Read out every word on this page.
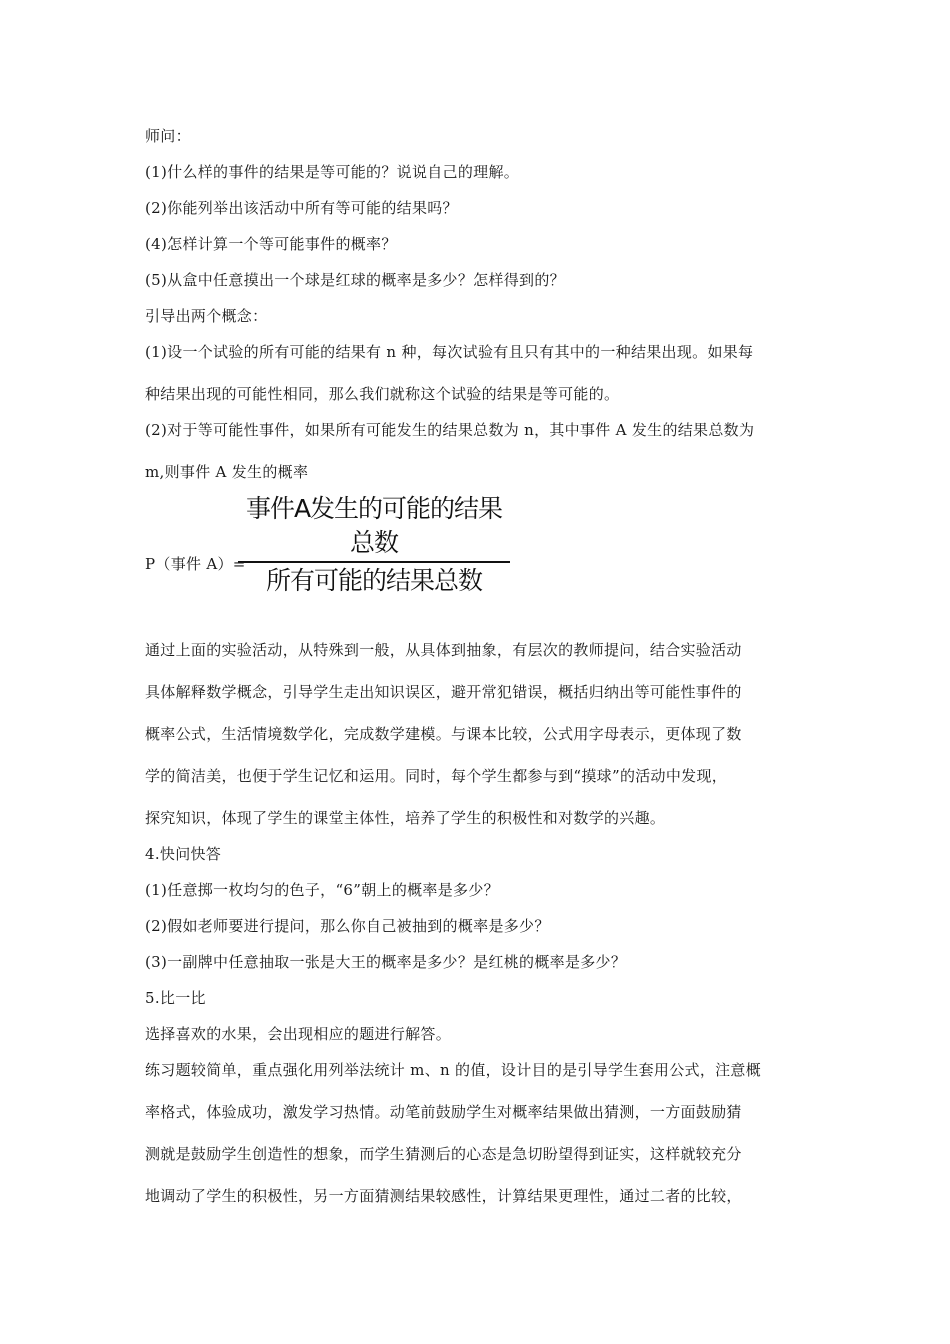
师问：
(1)什么样的事件的结果是等可能的？说说自己的理解。
(2)你能列举出该活动中所有等可能的结果吗？
(4)怎样计算一个等可能事件的概率？
(5)从盒中任意摸出一个球是红球的概率是多少？怎样得到的？
引导出两个概念：
(1)设一个试验的所有可能的结果有 n 种，每次试验有且只有其中的一种结果出现。如果每
种结果出现的可能性相同，那么我们就称这个试验的结果是等可能的。
(2)对于等可能性事件，如果所有可能发生的结果总数为 n，其中事件 A 发生的结果总数为
m,则事件 A 发生的概率
事件A发生的可能的结果总数
所有可能的结果总数
P（事件 A）=
通过上面的实验活动，从特殊到一般，从具体到抽象，有层次的教师提问，结合实验活动
具体解释数学概念，引导学生走出知识误区，避开常犯错误，概括归纳出等可能性事件的
概率公式，生活情境数学化，完成数学建模。与课本比较，公式用字母表示，更体现了数
学的简洁美，也便于学生记忆和运用。同时，每个学生都参与到“摸球”的活动中发现，
探究知识，体现了学生的课堂主体性，培养了学生的积极性和对数学的兴趣。
4.快问快答
(1)任意掷一枚均匀的色子，“6”朝上的概率是多少？
(2)假如老师要进行提问，那么你自己被抽到的概率是多少？
(3)一副牌中任意抽取一张是大王的概率是多少？是红桃的概率是多少？
5.比一比
选择喜欢的水果，会出现相应的题进行解答。
练习题较简单，重点强化用列举法统计 m、n 的值，设计目的是引导学生套用公式，注意概
率格式，体验成功，激发学习热情。动笔前鼓励学生对概率结果做出猜测，一方面鼓励猜
测就是鼓励学生创造性的想象，而学生猜测后的心态是急切盼望得到证实，这样就较充分
地调动了学生的积极性，另一方面猜测结果较感性，计算结果更理性，通过二者的比较，
